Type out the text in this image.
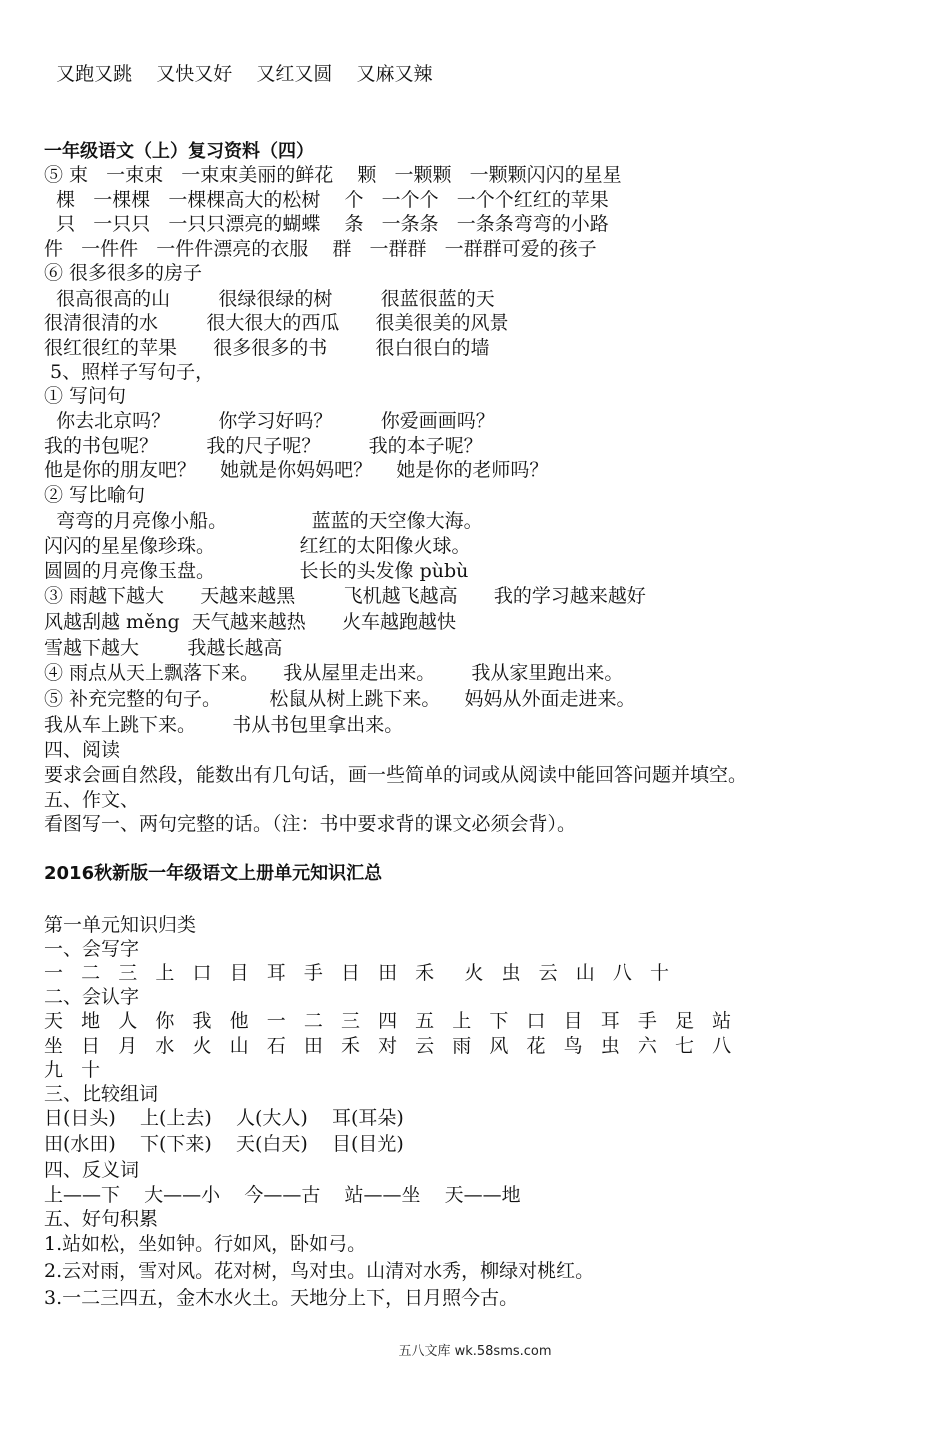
又跑又跳    又快又好    又红又圆    又麻又辣

一年级语文（上）复习资料（四）

⑤ 束   一束束   一束束美丽的鲜花    颗   一颗颗   一颗颗闪闪的星星

棵   一棵棵   一棵棵高大的松树    个   一个个   一个个红红的苹果

只   一只只   一只只漂亮的蝴蝶    条   一条条   一条条弯弯的小路

件   一件件   一件件漂亮的衣服    群   一群群   一群群可爱的孩子

⑥ 很多很多的房子

很高很高的山        很绿很绿的树        很蓝很蓝的天

很清很清的水        很大很大的西瓜      很美很美的风景

很红很红的苹果      很多很多的书        很白很白的墙

5、照样子写句子，

① 写问句

你去北京吗？        你学习好吗？        你爱画画吗？

我的书包呢？        我的尺子呢？        我的本子呢？

他是你的朋友吧？    她就是你妈妈吧？    她是你的老师吗？

② 写比喻句

弯弯的月亮像小船。              蓝蓝的天空像大海。

闪闪的星星像珍珠。              红红的太阳像火球。

圆圆的月亮像玉盘。              长长的头发像 pùbù

③ 雨越下越大      天越来越黑        飞机越飞越高      我的学习越来越好

风越刮越 měng  天气越来越热      火车越跑越快

雪越下越大        我越长越高

④ 雨点从天上飘落下来。    我从屋里走出来。      我从家里跑出来。

⑤ 补充完整的句子。        松鼠从树上跳下来。    妈妈从外面走进来。

我从车上跳下来。      书从书包里拿出来。

四、阅读

要求会画自然段，能数出有几句话，画一些简单的词或从阅读中能回答问题并填空。

五、作文、

看图写一、两句完整的话。（注：书中要求背的课文必须会背）。

2016秋新版一年级语文上册单元知识汇总

第一单元知识归类

一、会写字

一   二   三   上   口   目   耳   手   日   田   禾     火   虫   云   山   八   十

二、会认字

天   地   人   你   我   他   一   二   三   四   五   上   下   口   目   耳   手   足   站

坐   日   月   水   火   山   石   田   禾   对   云   雨   风   花   鸟   虫   六   七   八

九   十

三、比较组词

日(日头)    上(上去)    人(大人)    耳(耳朵)

田(水田)    下(下来)    天(白天)    目(目光)

四、反义词

上——下    大——小    今——古    站——坐    天——地

五、好句积累

1.站如松，坐如钟。行如风，卧如弓。

2.云对雨，雪对风。花对树，鸟对虫。山清对水秀，柳绿对桃红。

3.一二三四五，金木水火土。天地分上下，日月照今古。

五八文库 wk.58sms.com
